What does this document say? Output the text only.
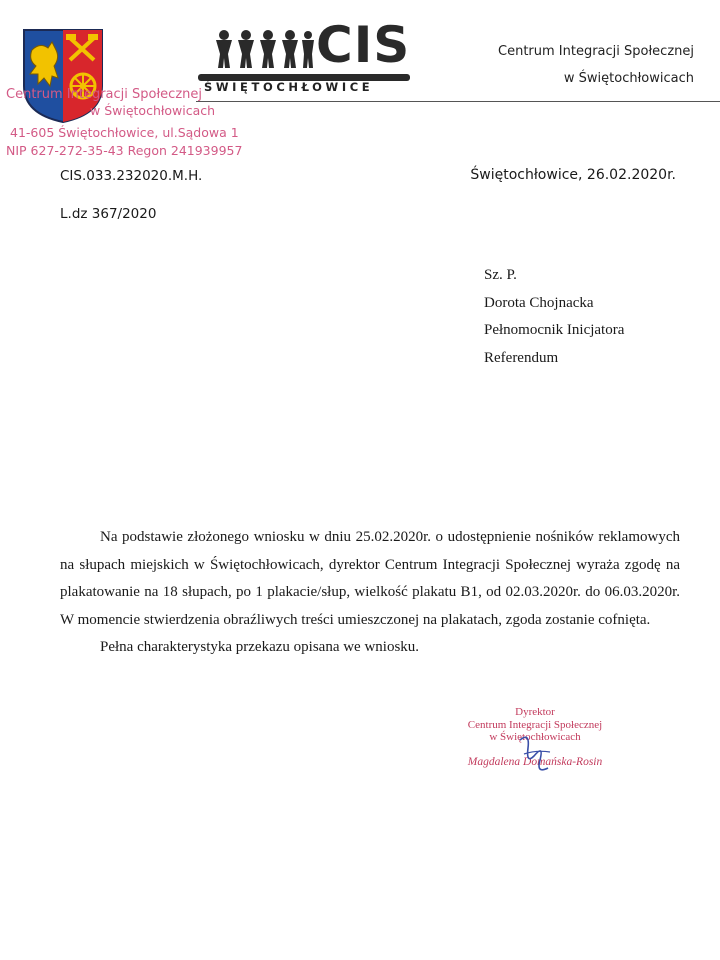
CIS
ŚWIĘTOCHŁOWICE
Centrum Integracji Społecznej
w Świętochłowicach
Centrum Integracji Społecznej
w Świętochłowicach
41-605 Świętochłowice, ul.Sądowa 1
NIP 627-272-35-43 Regon 241939957
CIS.033.232020.M.H.
L.dz 367/2020
Świętochłowice, 26.02.2020r.
Sz. P.
Dorota Chojnacka
Pełnomocnik Inicjatora
Referendum

Na podstawie złożonego wniosku w dniu 25.02.2020r. o udostępnienie nośników reklamowych na słupach miejskich w Świętochłowicach, dyrektor Centrum Integracji Społecznej wyraża zgodę na plakatowanie na 18 słupach, po 1 plakacie/słup, wielkość plakatu B1, od 02.03.2020r. do 06.03.2020r. W momencie stwierdzenia obraźliwych treści umieszczonej na plakatach, zgoda zostanie cofnięta.

Pełna charakterystyka przekazu opisana we wniosku.

Dyrektor
Centrum Integracji Społecznej
w Świętochłowicach
Magdalena Domańska-Rosin
